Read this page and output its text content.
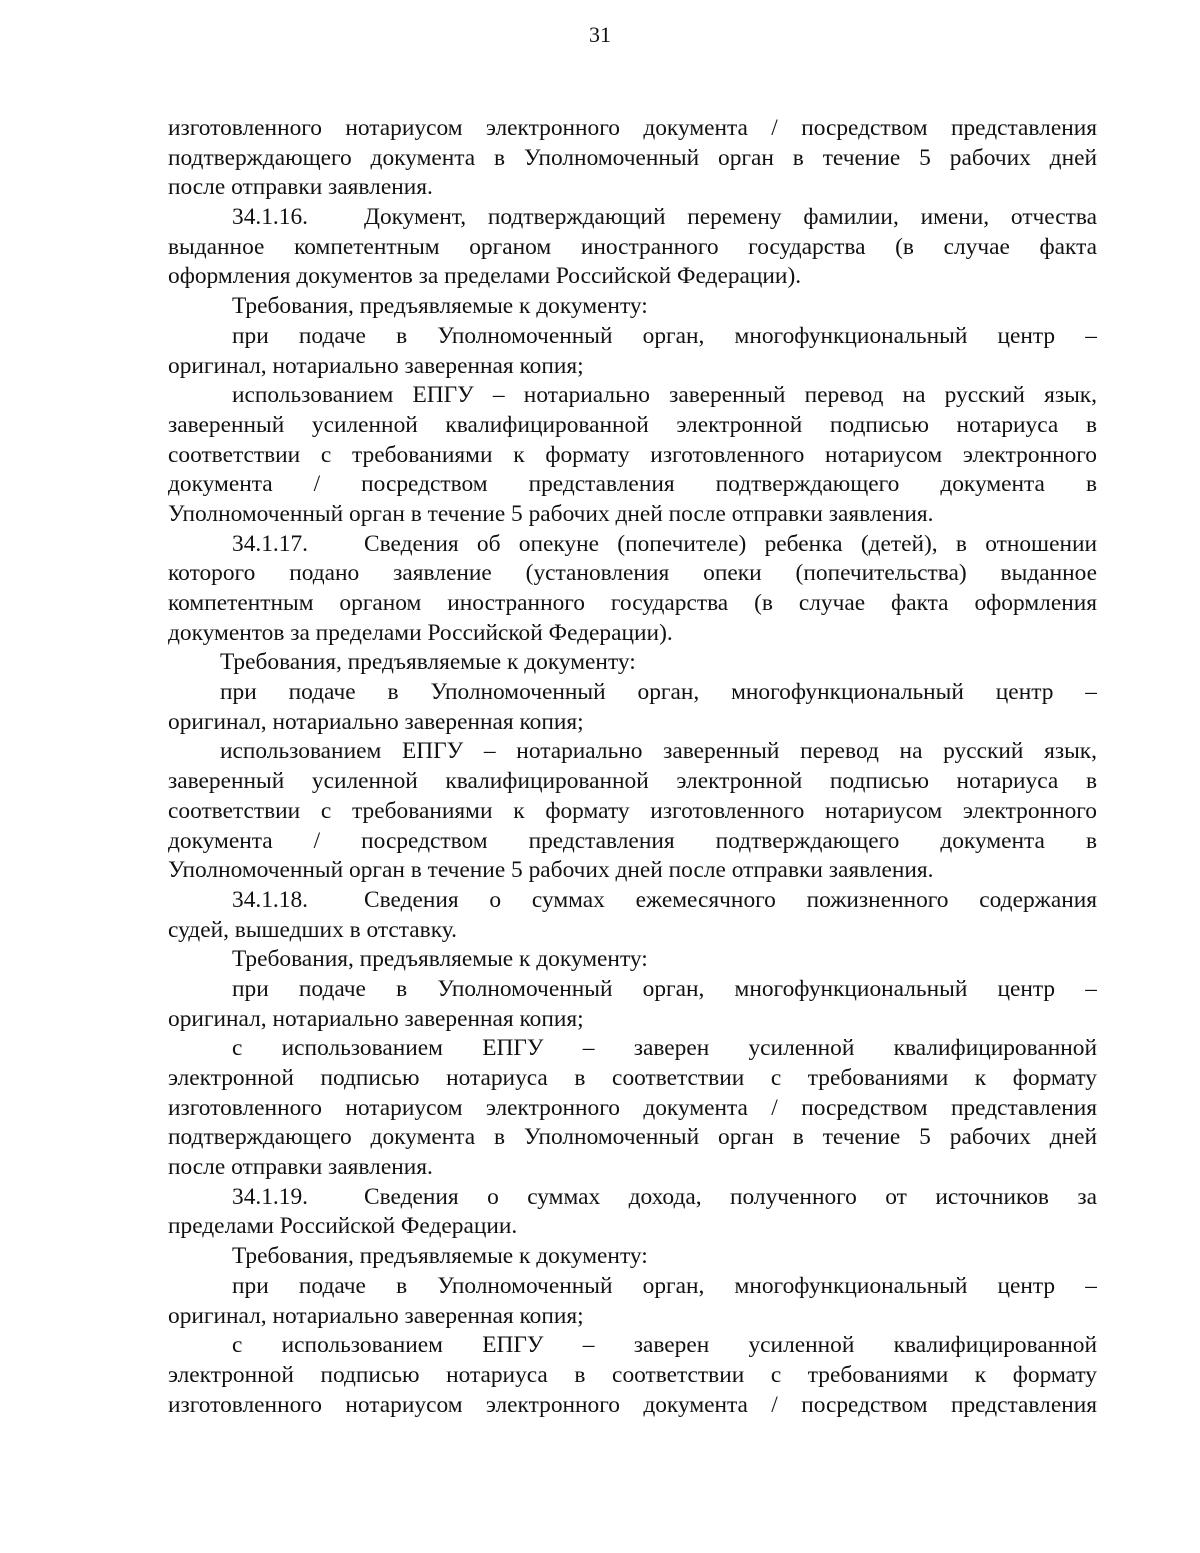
31
изготовленного нотариусом электронного документа / посредством представления
подтверждающего документа в Уполномоченный орган в течение 5 рабочих дней
после отправки заявления.
34.1.16.	Документ, подтверждающий перемену фамилии, имени, отчества
выданное компетентным органом иностранного государства (в случае факта
оформления документов за пределами Российской Федерации).
Требования, предъявляемые к документу:
при подаче в Уполномоченный орган, многофункциональный центр –
оригинал, нотариально заверенная копия;
использованием ЕПГУ – нотариально заверенный перевод на русский язык,
заверенный усиленной квалифицированной электронной подписью нотариуса в
соответствии с требованиями к формату изготовленного нотариусом электронного
документа / посредством представления подтверждающего документа в
Уполномоченный орган в течение 5 рабочих дней после отправки заявления.
34.1.17.	Сведения об опекуне (попечителе) ребенка (детей), в отношении
которого подано заявление (установления опеки (попечительства) выданное
компетентным органом иностранного государства (в случае факта оформления
документов за пределами Российской Федерации).
Требования, предъявляемые к документу:
при подаче в Уполномоченный орган, многофункциональный центр –
оригинал, нотариально заверенная копия;
использованием ЕПГУ – нотариально заверенный перевод на русский язык,
заверенный усиленной квалифицированной электронной подписью нотариуса в
соответствии с требованиями к формату изготовленного нотариусом электронного
документа / посредством представления подтверждающего документа в
Уполномоченный орган в течение 5 рабочих дней после отправки заявления.
34.1.18.	Сведения о суммах ежемесячного пожизненного содержания
судей, вышедших в отставку.
Требования, предъявляемые к документу:
при подаче в Уполномоченный орган, многофункциональный центр –
оригинал, нотариально заверенная копия;
с использованием ЕПГУ – заверен усиленной квалифицированной
электронной подписью нотариуса в соответствии с требованиями к формату
изготовленного нотариусом электронного документа / посредством представления
подтверждающего документа в Уполномоченный орган в течение 5 рабочих дней
после отправки заявления.
34.1.19.	Сведения о суммах дохода, полученного от источников за
пределами Российской Федерации.
Требования, предъявляемые к документу:
при подаче в Уполномоченный орган, многофункциональный центр –
оригинал, нотариально заверенная копия;
с использованием ЕПГУ – заверен усиленной квалифицированной
электронной подписью нотариуса в соответствии с требованиями к формату
изготовленного нотариусом электронного документа / посредством представления
